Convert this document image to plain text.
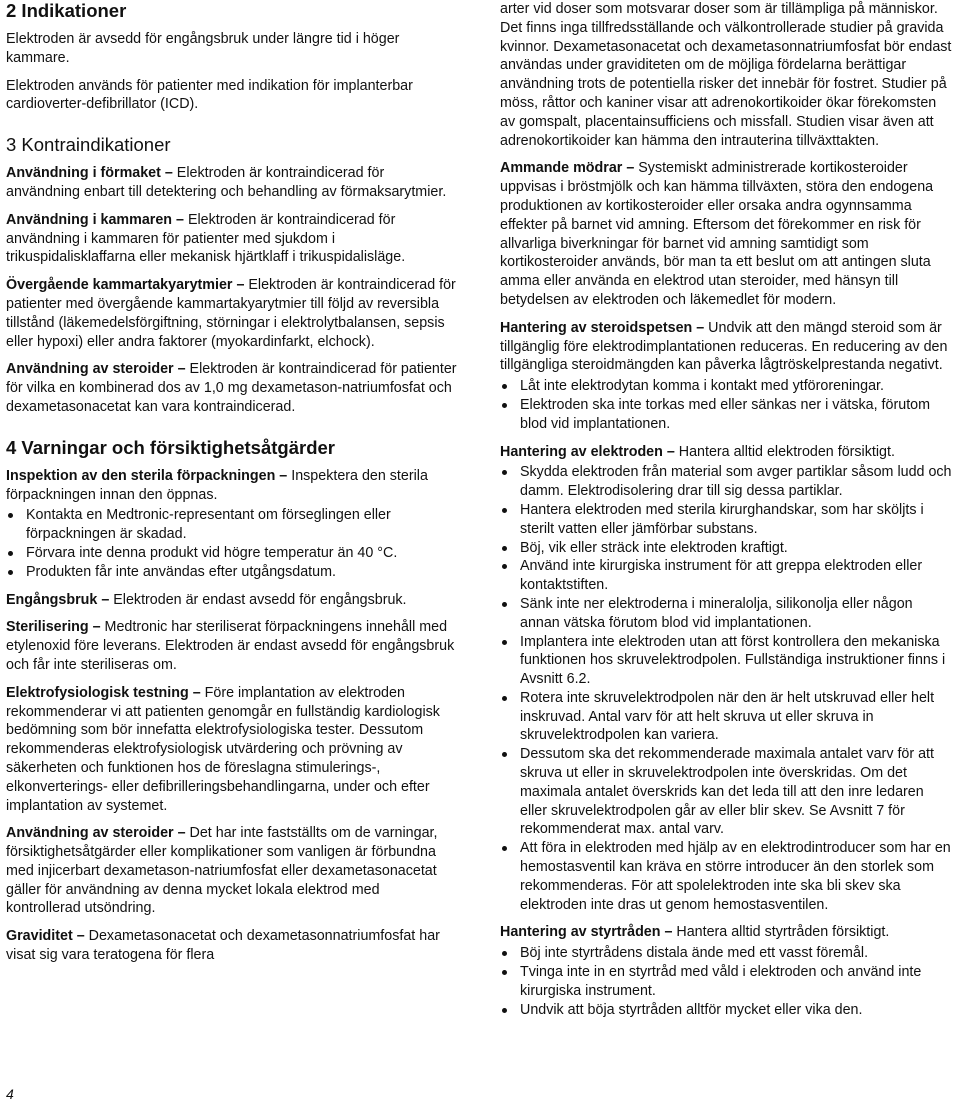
2 Indikationer

Elektroden är avsedd för engångsbruk under längre tid i höger kammare.

Elektroden används för patienter med indikation för implanterbar cardioverter-defibrillator (ICD).

3 Kontraindikationer

Användning i förmaket – Elektroden är kontraindicerad för användning enbart till detektering och behandling av förmaksarytmier.

Användning i kammaren – Elektroden är kontraindicerad för användning i kammaren för patienter med sjukdom i trikuspidalisklaffarna eller mekanisk hjärtklaff i trikuspidalisläge.

Övergående kammartakyarytmier – Elektroden är kontraindicerad för patienter med övergående kammartakyarytmier till följd av reversibla tillstånd (läkemedelsförgiftning, störningar i elektrolytbalansen, sepsis eller hypoxi) eller andra faktorer (myokardinfarkt, elchock).

Användning av steroider – Elektroden är kontraindicerad för patienter för vilka en kombinerad dos av 1,0 mg dexametason-natriumfosfat och dexametasonacetat kan vara kontraindicerad.

4 Varningar och försiktighetsåtgärder

Inspektion av den sterila förpackningen – Inspektera den sterila förpackningen innan den öppnas.

Kontakta en Medtronic-representant om förseglingen eller förpackningen är skadad.
Förvara inte denna produkt vid högre temperatur än 40 °C.
Produkten får inte användas efter utgångsdatum.

Engångsbruk – Elektroden är endast avsedd för engångsbruk.

Sterilisering – Medtronic har steriliserat förpackningens innehåll med etylenoxid före leverans. Elektroden är endast avsedd för engångsbruk och får inte steriliseras om.

Elektrofysiologisk testning – Före implantation av elektroden rekommenderar vi att patienten genomgår en fullständig kardiologisk bedömning som bör innefatta elektrofysiologiska tester. Dessutom rekommenderas elektrofysiologisk utvärdering och prövning av säkerheten och funktionen hos de föreslagna stimulerings-, elkonverterings- eller defibrilleringsbehandlingarna, under och efter implantation av systemet.

Användning av steroider – Det har inte fastställts om de varningar, försiktighetsåtgärder eller komplikationer som vanligen är förbundna med injicerbart dexametason-natriumfosfat eller dexametasonacetat gäller för användning av denna mycket lokala elektrod med kontrollerad utsöndring.

Graviditet – Dexametasonacetat och dexametasonnatriumfosfat har visat sig vara teratogena för flera

arter vid doser som motsvarar doser som är tillämpliga på människor. Det finns inga tillfredsställande och välkontrollerade studier på gravida kvinnor. Dexametasonacetat och dexametasonnatriumfosfat bör endast användas under graviditeten om de möjliga fördelarna berättigar användning trots de potentiella risker det innebär för fostret. Studier på möss, råttor och kaniner visar att adrenokortikoider ökar förekomsten av gomspalt, placentainsufficiens och missfall. Studien visar även att adrenokortikoider kan hämma den intrauterina tillväxttakten.

Ammande mödrar – Systemiskt administrerade kortikosteroider uppvisas i bröstmjölk och kan hämma tillväxten, störa den endogena produktionen av kortikosteroider eller orsaka andra ogynnsamma effekter på barnet vid amning. Eftersom det förekommer en risk för allvarliga biverkningar för barnet vid amning samtidigt som kortikosteroider används, bör man ta ett beslut om att antingen sluta amma eller använda en elektrod utan steroider, med hänsyn till betydelsen av elektroden och läkemedlet för modern.

Hantering av steroidspetsen – Undvik att den mängd steroid som är tillgänglig före elektrodimplantationen reduceras. En reducering av den tillgängliga steroidmängden kan påverka lågtröskelprestanda negativt.

Låt inte elektrodytan komma i kontakt med ytföroreningar.
Elektroden ska inte torkas med eller sänkas ner i vätska, förutom blod vid implantationen.

Hantering av elektroden – Hantera alltid elektroden försiktigt.

Skydda elektroden från material som avger partiklar såsom ludd och damm. Elektrodisolering drar till sig dessa partiklar.
Hantera elektroden med sterila kirurghandskar, som har sköljts i sterilt vatten eller jämförbar substans.
Böj, vik eller sträck inte elektroden kraftigt.
Använd inte kirurgiska instrument för att greppa elektroden eller kontaktstiften.
Sänk inte ner elektroderna i mineralolja, silikonolja eller någon annan vätska förutom blod vid implantationen.
Implantera inte elektroden utan att först kontrollera den mekaniska funktionen hos skruvelektrodpolen. Fullständiga instruktioner finns i Avsnitt 6.2.
Rotera inte skruvelektrodpolen när den är helt utskruvad eller helt inskruvad. Antal varv för att helt skruva ut eller skruva in skruvelektrodpolen kan variera.
Dessutom ska det rekommenderade maximala antalet varv för att skruva ut eller in skruvelektrodpolen inte överskridas. Om det maximala antalet överskrids kan det leda till att den inre ledaren eller skruvelektrodpolen går av eller blir skev. Se Avsnitt 7 för rekommenderat max. antal varv.
Att föra in elektroden med hjälp av en elektrodintroducer som har en hemostasventil kan kräva en större introducer än den storlek som rekommenderas. För att spolelektroden inte ska bli skev ska elektroden inte dras ut genom hemostasventilen.

Hantering av styrtråden – Hantera alltid styrtråden försiktigt.

Böj inte styrtrådens distala ände med ett vasst föremål.
Tvinga inte in en styrtråd med våld i elektroden och använd inte kirurgiska instrument.
Undvik att böja styrtråden alltför mycket eller vika den.
4
